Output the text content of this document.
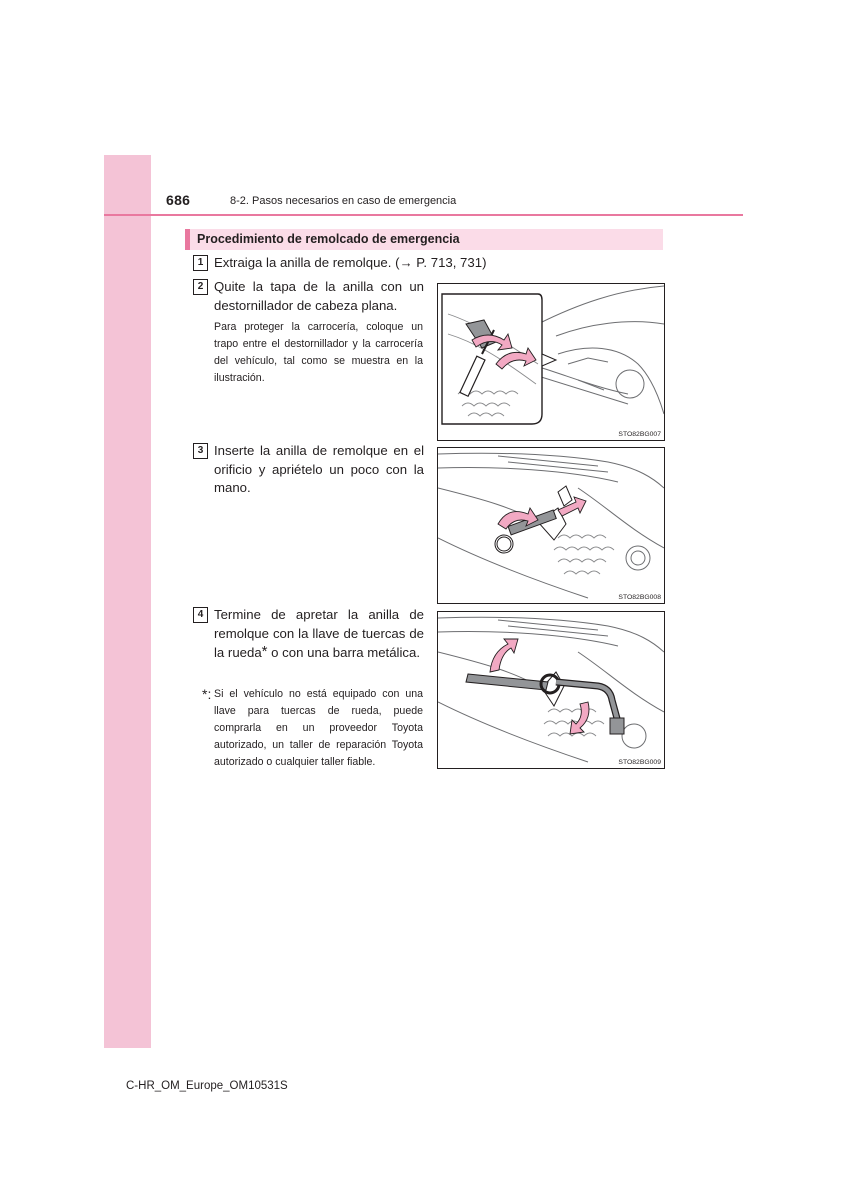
686	8-2. Pasos necesarios en caso de emergencia
Procedimiento de remolcado de emergencia
1 Extraiga la anilla de remolque. (→ P. 713, 731)
2 Quite la tapa de la anilla con un destornillador de cabeza plana.
Para proteger la carrocería, coloque un trapo entre el destornillador y la carrocería del vehículo, tal como se muestra en la ilustración.
STO82BG007
3 Inserte la anilla de remolque en el orificio y apriételo un poco con la mano.
STO82BG008
4 Termine de apretar la anilla de remolque con la llave de tuercas de la rueda* o con una barra metálica.
*: Si el vehículo no está equipado con una llave para tuercas de rueda, puede comprarla en un proveedor Toyota autorizado, un taller de reparación Toyota autorizado o cualquier taller fiable.	STO82BG009
C-HR_OM_Europe_OM10531S
